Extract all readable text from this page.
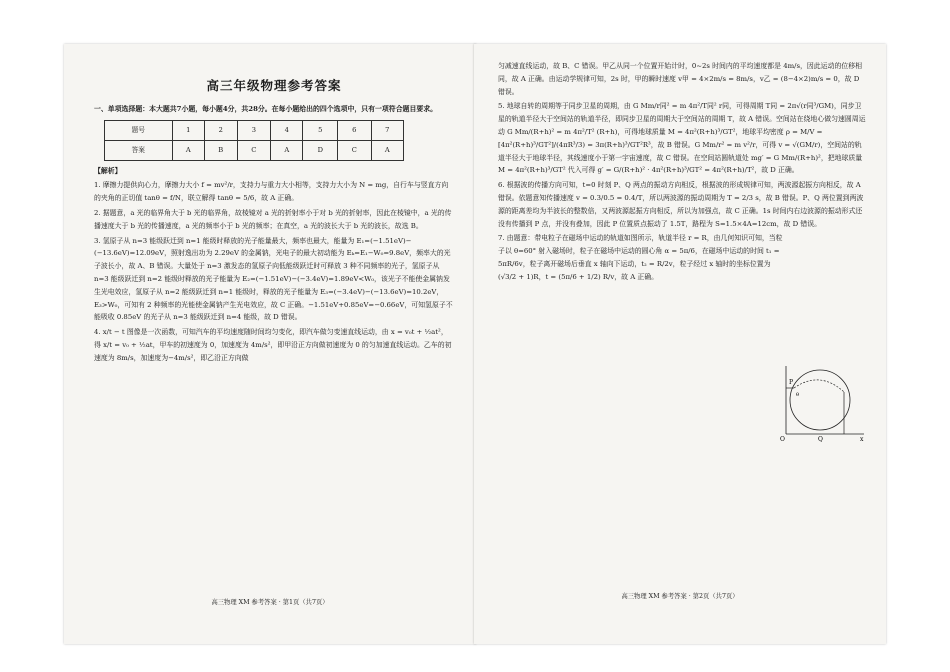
高三年级物理参考答案
一、单项选择题：本大题共7小题，每小题4分，共28分。在每小题给出的四个选项中，只有一项符合题目要求。
题号	1	2	3	4	5	6	7
答案	A	B	C	A	D	C	A
【解析】
1. 摩擦力提供向心力，摩擦力大小 f = mv²/r，支持力与重力大小相等，支持力大小为 N = mg，自行车与竖直方向的夹角的正切值 tanθ = f/N，联立解得 tanθ = 5/6，故 A 正确。
2. 据题意，a 光的临界角大于 b 光的临界角，故棱镜对 a 光的折射率小于对 b 光的折射率，因此在棱镜中，a 光的传播速度大于 b 光的传播速度，a 光的频率小于 b 光的频率；在真空，a 光的波长大于 b 光的波长，故选 B。
3. 氢原子从 n=3 能级跃迁到 n=1 能级时释放的光子能量最大，频率也最大，能量为 E₁=(−1.51eV)−(−13.6eV)=12.09eV，照射逸出功为 2.29eV 的金属钠，光电子的最大初动能为 Eₖ=E₁−W₀=9.8eV，频率大的光子波长小，故 A、B 错误。大量处于 n=3 激发态的氢原子向低能级跃迁时可释放 3 种不同频率的光子，氢原子从 n=3 能级跃迁到 n=2 能级时释放的光子能量为 E₂=(−1.51eV)−(−3.4eV)=1.89eV<W₀，该光子不能使金属钠发生光电效应，氢原子从 n=2 能级跃迁到 n=1 能级时，释放的光子能量为 E₃=(−3.4eV)−(−13.6eV)=10.2eV，E₃>W₀，可知有 2 种频率的光能使金属钠产生光电效应，故 C 正确。−1.51eV+0.85eV=−0.66eV，可知氢原子不能吸收 0.85eV 的光子从 n=3 能级跃迁到 n=4 能级，故 D 错误。
4. x/t − t 图像是一次函数，可知汽车的平均速度随时间均匀变化，即汽车做匀变速直线运动，由 x = v₀t + ½at²，得 x/t = v₀ + ½at，甲车的初速度为 0，加速度为 4m/s²，即甲沿正方向做初速度为 0 的匀加速直线运动。乙车的初速度为 8m/s，加速度为−4m/s²，即乙沿正方向做
高三物理 XM 参考答案 · 第1页（共7页）
匀减速直线运动，故 B、C 错误。甲乙从同一个位置开始计时，0~2s 时间内的平均速度都是 4m/s，因此运动的位移相同，故 A 正确。由运动学规律可知，2s 时，甲的瞬时速度 v甲 = 4×2m/s = 8m/s，v乙 = (8−4×2)m/s = 0，故 D 错误。
5. 地球自转的周期等于同步卫星的周期，由 G Mm/r同² = m 4π²/T同² r同，可得周期 T同 = 2π√(r同³/GM)，同步卫星的轨道半径大于空间站的轨道半径，即同步卫星的周期大于空间站的周期 T，故 A 错误。空间站在绕地心做匀速圆周运动 G Mm/(R+h)² = m 4π²/T² (R+h)，可得地球质量 M = 4π²(R+h)³/GT²，地球平均密度 ρ = M/V = [4π²(R+h)³/GT²]/(4πR³/3) = 3π(R+h)³/GT²R³，故 B 错误。G Mm/r² = m v²/r，可得 v = √(GM/r)，空间站的轨道半径大于地球半径，其线速度小于第一宇宙速度，故 C 错误。在空间站圆轨道处 mg′ = G Mm/(R+h)²，把地球质量 M = 4π²(R+h)³/GT² 代入可得 g′ = G/(R+h)² · 4π²(R+h)³/GT² = 4π²(R+h)/T²，故 D 正确。
6. 根据波的传播方向可知，t=0 时刻 P、Q 两点的振动方向相反，根据波的形成规律可知，两波源起振方向相反，故 A 错误。依题意知传播速度 v = 0.3/0.5 = 0.4/T，所以两波源的振动周期为 T = 2/3 s，故 B 错误。P、Q 两位置到两波源的距离差均为半波长的整数倍，又两波源起振方向相反，所以为加强点，故 C 正确。1s 时间内右边波源的振动形式还没有传播到 P 点，并没有叠加，因此 P 位置质点振动了 1.5T，路程为 S=1.5×4A=12cm，故 D 错误。
7. 由题意：带电粒子在磁场中运动的轨道如图所示，轨道半径 r = R，由几何知识可知，当粒子以 θ=60° 射入磁场时，粒子在磁场中运动的圆心角 α = 5π/6，在磁场中运动的时间 t₁ = 5πR/6v，粒子离开磁场后垂直 x 轴向下运动，t₂ = R/2v，粒子经过 x 轴时的坐标位置为 (√3/2 + 1)R，t = (5π/6 + 1/2) R/v，故 A 正确。
P
θ
O	Q	x
高三物理 XM 参考答案 · 第2页（共7页）
